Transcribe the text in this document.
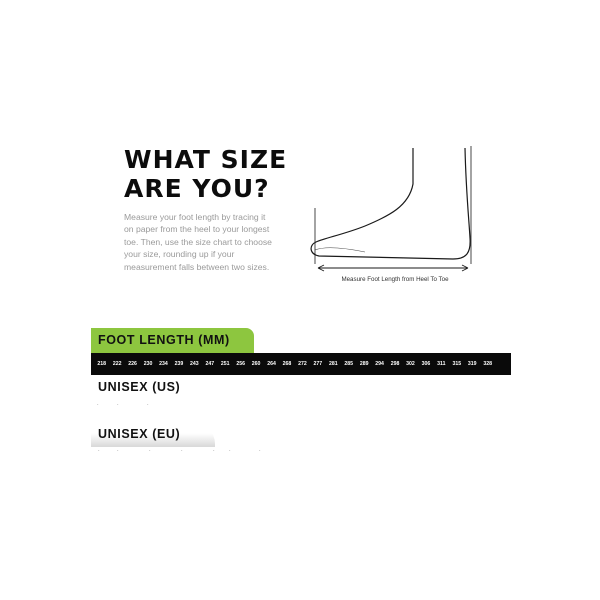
WHAT SIZE
ARE YOU?

Measure your foot length by tracing it on paper from the heel to your longest toe. Then, use the size chart to choose your size, rounding up if your measurement falls between two sizes.

Measure Foot Length from Heel To Toe
FOOT LENGTH (MM)
218	222	226	230	234	239	243	247	251	256	260	264	268	272	277	281	285	289	294	298	302	306	311	315	319	328
UNISEX (US)
·	·	·
UNISEX (EU)
·	·	·	·	·	·	·
